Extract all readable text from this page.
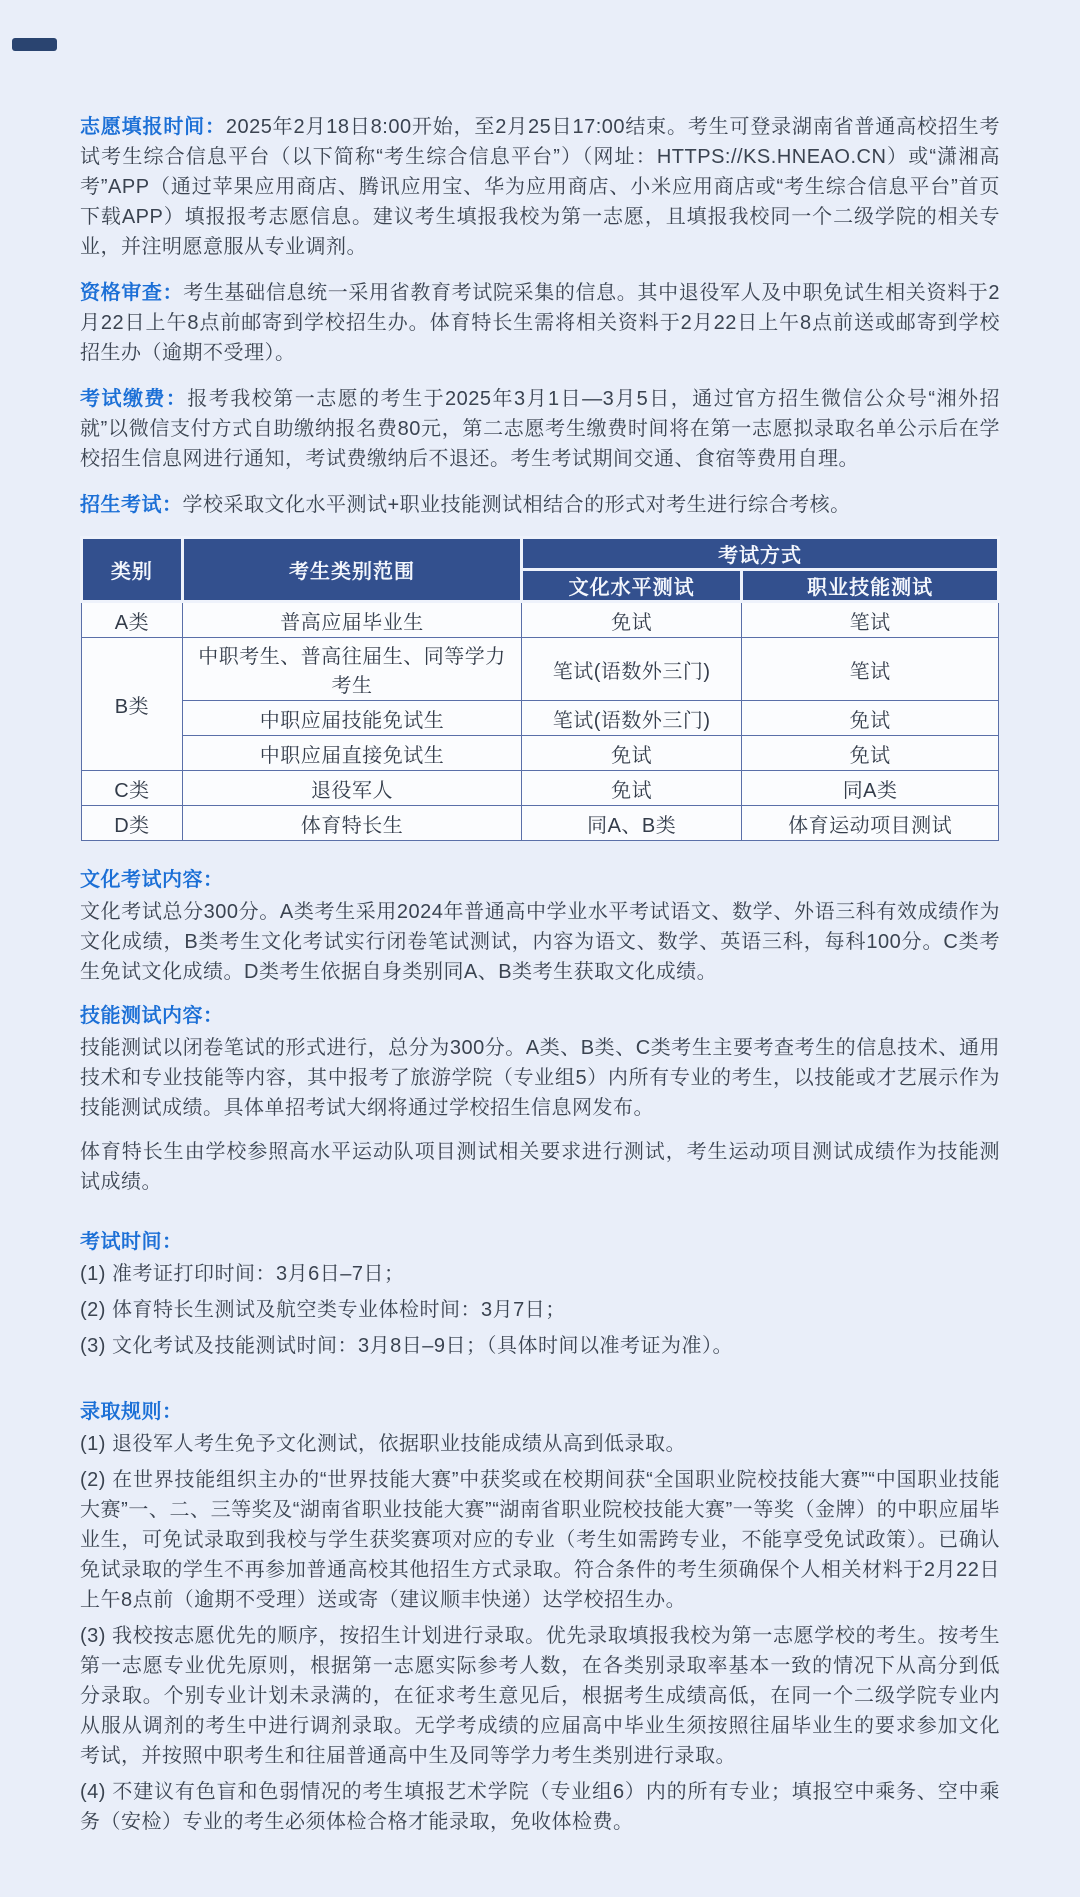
志愿填报时间：2025年2月18日8:00开始，至2月25日17:00结束。考生可登录湖南省普通高校招生考试考生综合信息平台（以下简称“考生综合信息平台”）（网址：HTTPS://KS.HNEAO.CN）或“潇湘高考”APP（通过苹果应用商店、腾讯应用宝、华为应用商店、小米应用商店或“考生综合信息平台”首页下载APP）填报报考志愿信息。建议考生填报我校为第一志愿，且填报我校同一个二级学院的相关专业，并注明愿意服从专业调剂。

资格审查：考生基础信息统一采用省教育考试院采集的信息。其中退役军人及中职免试生相关资料于2月22日上午8点前邮寄到学校招生办。体育特长生需将相关资料于2月22日上午8点前送或邮寄到学校招生办（逾期不受理）。

考试缴费：报考我校第一志愿的考生于2025年3月1日—3月5日，通过官方招生微信公众号“湘外招就”以微信支付方式自助缴纳报名费80元，第二志愿考生缴费时间将在第一志愿拟录取名单公示后在学校招生信息网进行通知，考试费缴纳后不退还。考生考试期间交通、食宿等费用自理。

招生考试：学校采取文化水平测试+职业技能测试相结合的形式对考生进行综合考核。

类别	考生类别范围	考试方式	
		文化水平测试	职业技能测试
A类	普高应届毕业生	免试	笔试
B类	中职考生、普高往届生、同等学力考生	笔试(语数外三门)	笔试
	中职应届技能免试生	笔试(语数外三门)	免试
	中职应届直接免试生	免试	免试
C类	退役军人	免试	同A类
D类	体育特长生	同A、B类	体育运动项目测试
文化考试内容：

文化考试总分300分。A类考生采用2024年普通高中学业水平考试语文、数学、外语三科有效成绩作为文化成绩，B类考生文化考试实行闭卷笔试测试，内容为语文、数学、英语三科，每科100分。C类考生免试文化成绩。D类考生依据自身类别同A、B类考生获取文化成绩。

技能测试内容：

技能测试以闭卷笔试的形式进行，总分为300分。A类、B类、C类考生主要考查考生的信息技术、通用技术和专业技能等内容，其中报考了旅游学院（专业组5）内所有专业的考生，以技能或才艺展示作为技能测试成绩。具体单招考试大纲将通过学校招生信息网发布。

体育特长生由学校参照高水平运动队项目测试相关要求进行测试，考生运动项目测试成绩作为技能测试成绩。

考试时间：
(1) 准考证打印时间：3月6日–7日；
(2) 体育特长生测试及航空类专业体检时间：3月7日；
(3) 文化考试及技能测试时间：3月8日–9日；（具体时间以准考证为准）。
录取规则：
(1) 退役军人考生免予文化测试，依据职业技能成绩从高到低录取。
(2) 在世界技能组织主办的“世界技能大赛”中获奖或在校期间获“全国职业院校技能大赛”“中国职业技能大赛”一、二、三等奖及“湖南省职业技能大赛”“湖南省职业院校技能大赛”一等奖（金牌）的中职应届毕业生，可免试录取到我校与学生获奖赛项对应的专业（考生如需跨专业，不能享受免试政策）。已确认免试录取的学生不再参加普通高校其他招生方式录取。符合条件的考生须确保个人相关材料于2月22日上午8点前（逾期不受理）送或寄（建议顺丰快递）达学校招生办。
(3) 我校按志愿优先的顺序，按招生计划进行录取。优先录取填报我校为第一志愿学校的考生。按考生第一志愿专业优先原则，根据第一志愿实际参考人数，在各类别录取率基本一致的情况下从高分到低分录取。个别专业计划未录满的，在征求考生意见后，根据考生成绩高低，在同一个二级学院专业内从服从调剂的考生中进行调剂录取。无学考成绩的应届高中毕业生须按照往届毕业生的要求参加文化考试，并按照中职考生和往届普通高中生及同等学力考生类别进行录取。
(4) 不建议有色盲和色弱情况的考生填报艺术学院（专业组6）内的所有专业；填报空中乘务、空中乘务（安检）专业的考生必须体检合格才能录取，免收体检费。
